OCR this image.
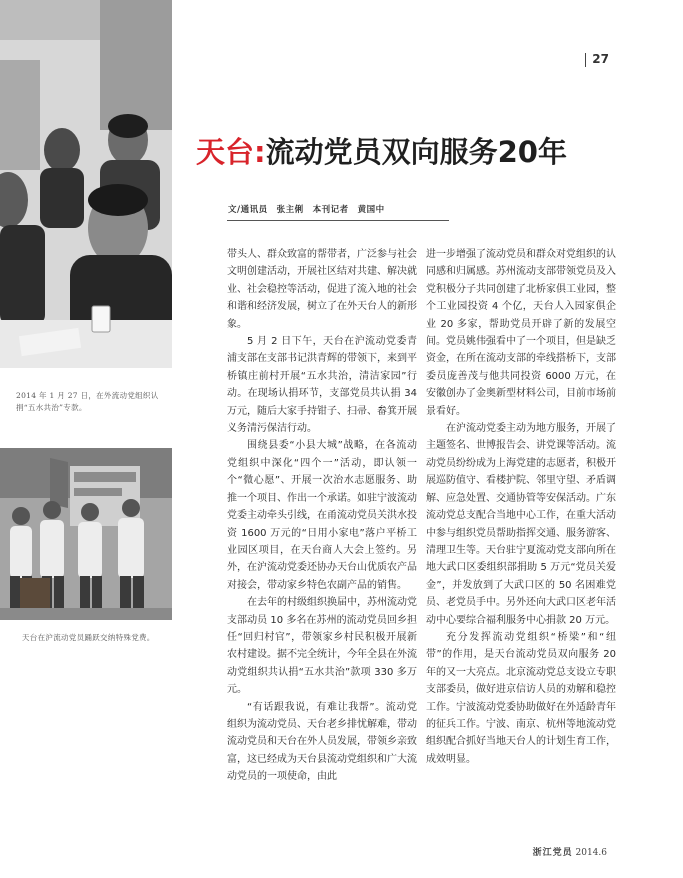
2014 年 1 月 27 日，在外流动党组织认捐“五水共治”专款。
天台在沪流动党员踊跃交纳特殊党费。
27
天台:流动党员双向服务20年
文/通讯员　张主俐　本刊记者　黄国中

带头人、群众致富的帮带者，广泛参与社会文明创建活动，开展社区结对共建、解决就业、社会稳控等活动，促进了流入地的社会和谐和经济发展，树立了在外天台人的新形象。

5 月 2 日下午，天台在沪流动党委青浦支部在支部书记洪青辉的带领下，来到平桥镇庄前村开展“五水共治，清洁家园”行动。在现场认捐环节，支部党员共认捐 34 万元，随后大家手持钳子、扫帚、畚箕开展义务清污保洁行动。

围绕县委“小县大城”战略，在各流动党组织中深化“四个一”活动，即认领一个“微心愿”、开展一次治水志愿服务、助推一个项目、作出一个承诺。如驻宁波流动党委主动牵头引线，在甬流动党员关洪水投资 1600 万元的“日用小家电”落户平桥工业园区项目，在天台商人大会上签约。另外，在沪流动党委还协办天台山优质农产品对接会，带动家乡特色农副产品的销售。

在去年的村级组织换届中，苏州流动党支部动员 10 多名在苏州的流动党员回乡担任“回归村官”，带领家乡村民积极开展新农村建设。据不完全统计，今年全县在外流动党组织共认捐“五水共治”款项 330 多万元。

“有话跟我说，有难让我帮”。流动党组织为流动党员、天台老乡排忧解难，带动流动党员和天台在外人员发展，带领乡亲致富，这已经成为天台县流动党组织和广大流动党员的一项使命，由此

进一步增强了流动党员和群众对党组织的认同感和归属感。苏州流动支部带领党员及入党积极分子共同创建了北桥家俱工业园，整个工业园投资 4 个亿，天台人入园家俱企业 20 多家，帮助党员开辟了新的发展空间。党员姚伟强看中了一个项目，但是缺乏资金，在所在流动支部的牵线搭桥下，支部委员庞善茂与他共同投资 6000 万元，在安徽创办了金奥新型材料公司，目前市场前景看好。

在沪流动党委主动为地方服务，开展了主题签名、世博报告会、讲党课等活动。流动党员纷纷成为上海党建的志愿者，积极开展巡防值守、看楼护院、邻里守望、矛盾调解、应急处置、交通协管等安保活动。广东流动党总支配合当地中心工作，在重大活动中参与组织党员帮助指挥交通、服务游客、清理卫生等。天台驻宁夏流动党支部向所在地大武口区委组织部捐助 5 万元“党员关爱金”，并发放到了大武口区的 50 名困难党员、老党员手中。另外还向大武口区老年活动中心要综合福利服务中心捐款 20 万元。

充分发挥流动党组织“桥梁”和“纽带”的作用，是天台流动党员双向服务 20 年的又一大亮点。北京流动党总支设立专职支部委员，做好进京信访人员的劝解和稳控工作。宁波流动党委协助做好在外适龄青年的征兵工作。宁波、南京、杭州等地流动党组织配合抓好当地天台人的计划生育工作，成效明显。

浙江党员 2014.6
